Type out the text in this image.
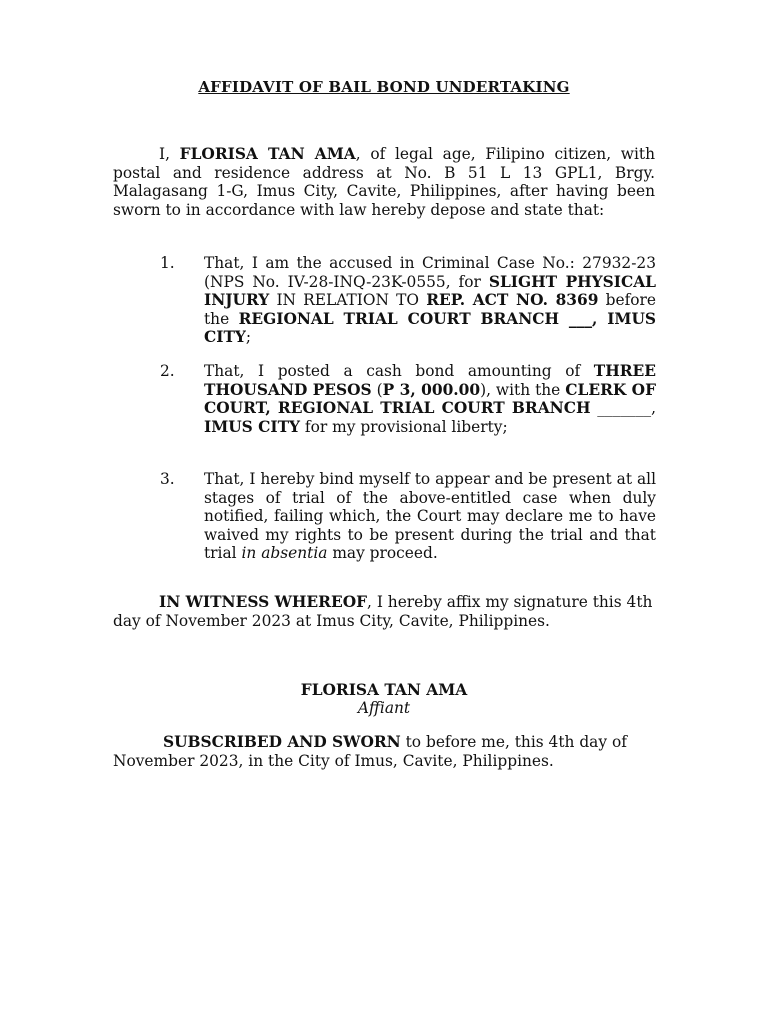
AFFIDAVIT OF BAIL BOND UNDERTAKING

I, FLORISA TAN AMA, of legal age, Filipino citizen, with postal and residence address at No. B 51 L 13 GPL1, Brgy. Malagasang 1-G, Imus City, Cavite, Philippines, after having been sworn to in accordance with law hereby depose and state that:

1.	That, I am the accused in Criminal Case No.: 27932-23 (NPS No. IV-28-INQ-23K-0555, for SLIGHT PHYSICAL INJURY IN RELATION TO REP. ACT NO. 8369 before the REGIONAL TRIAL COURT BRANCH ___, IMUS CITY;
2.	That, I posted a cash bond amounting of THREE THOUSAND PESOS (P 3, 000.00), with the CLERK OF COURT, REGIONAL TRIAL COURT BRANCH _______, IMUS CITY for my provisional liberty;
3.	That, I hereby bind myself to appear and be present at all stages of trial of the above-entitled case when duly notified, failing which, the Court may declare me to have waived my rights to be present during the trial and that trial in absentia may proceed.

IN WITNESS WHEREOF, I hereby affix my signature this 4th day of November 2023 at Imus City, Cavite, Philippines.

FLORISA TAN AMA
Affiant

SUBSCRIBED AND SWORN to before me, this 4th day of November 2023, in the City of Imus, Cavite, Philippines.
